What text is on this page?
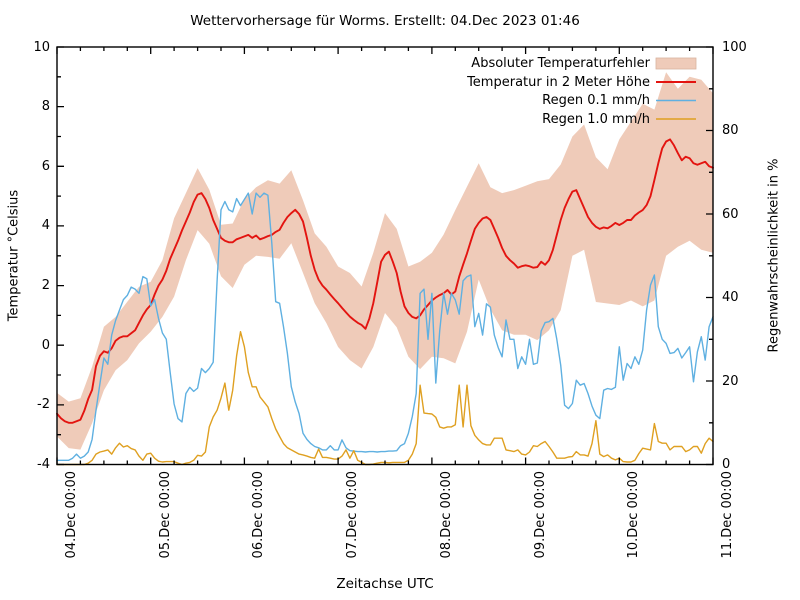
Wettervorhersage für Worms. Erstellt: 04.Dec 2023 01:46
Zeitachse UTC
Temperatur °Celsius	Regenwahrscheinlichkeit in %
-4
-2
0
2
4
6
8
10
0
20
40
60
80
100
04.Dec 00:00	05.Dec 00:00	06.Dec 00:00	07.Dec 00:00	08.Dec 00:00	09.Dec 00:00	10.Dec 00:00	11.Dec 00:00
Absoluter Temperaturfehler
Temperatur in 2 Meter Höhe
Regen 0.1 mm/h
Regen 1.0 mm/h
